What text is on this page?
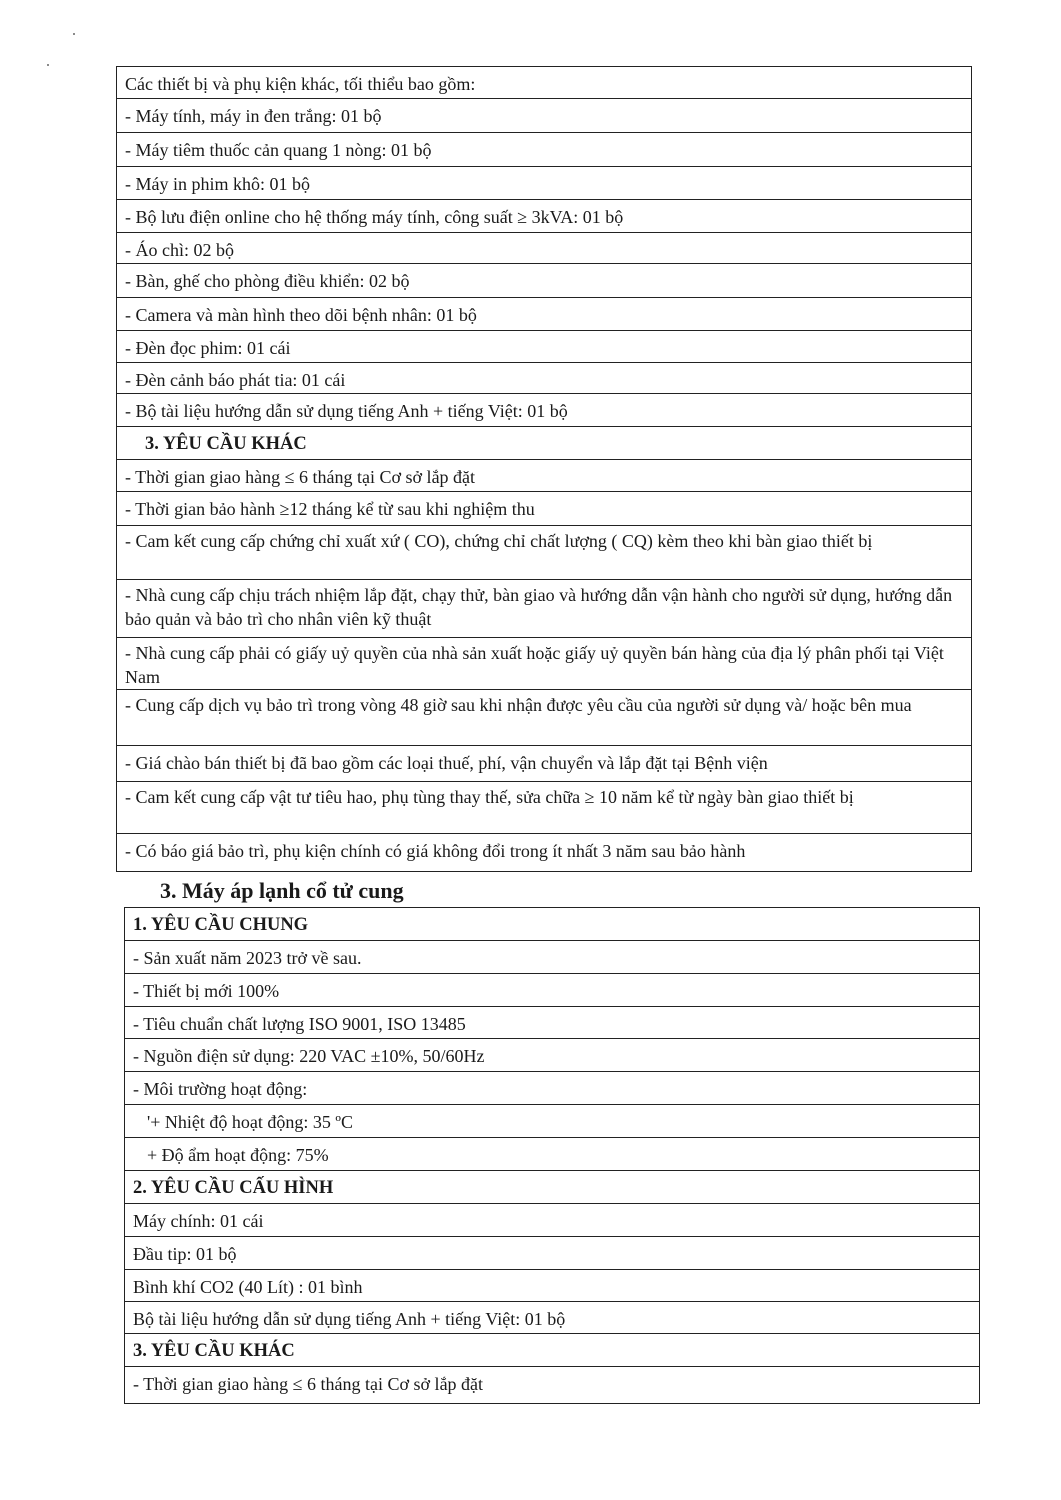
Các thiết bị và phụ kiện khác, tối thiểu bao gồm:
- Máy tính, máy in đen trắng: 01 bộ
- Máy tiêm thuốc cản quang 1 nòng: 01 bộ
- Máy in phim khô: 01 bộ
- Bộ lưu điện online cho hệ thống máy tính, công suất ≥ 3kVA: 01 bộ
- Áo chì: 02 bộ
- Bàn, ghế cho phòng điều khiển: 02 bộ
- Camera và màn hình theo dõi bệnh nhân: 01 bộ
- Đèn đọc phim: 01 cái
- Đèn cảnh báo phát tia: 01 cái
- Bộ tài liệu hướng dẫn sử dụng tiếng Anh + tiếng Việt: 01 bộ
3. YÊU CẦU KHÁC
- Thời gian giao hàng ≤ 6 tháng tại Cơ sở lắp đặt
- Thời gian bảo hành ≥12 tháng kể từ sau khi nghiệm thu
- Cam kết cung cấp chứng chỉ xuất xứ ( CO), chứng chỉ chất lượng ( CQ) kèm theo khi bàn giao thiết bị
- Nhà cung cấp chịu trách nhiệm lắp đặt, chạy thử, bàn giao và hướng dẫn vận hành cho người sử dụng, hướng dẫn bảo quản và bảo trì cho nhân viên kỹ thuật
- Nhà cung cấp phải có giấy uỷ quyền của nhà sản xuất hoặc giấy uỷ quyền bán hàng của địa lý phân phối tại Việt Nam
- Cung cấp dịch vụ bảo trì trong vòng 48 giờ sau khi nhận được yêu cầu của người sử dụng và/ hoặc bên mua
- Giá chào bán thiết bị đã bao gồm các loại thuế, phí, vận chuyển và lắp đặt tại Bệnh viện
- Cam kết cung cấp vật tư tiêu hao, phụ tùng thay thế, sửa chữa ≥ 10 năm kể từ ngày bàn giao thiết bị
- Có báo giá bảo trì, phụ kiện chính có giá không đổi trong ít nhất 3 năm sau bảo hành
3. Máy áp lạnh cổ tử cung
1. YÊU CẦU CHUNG
- Sản xuất năm 2023 trở về sau.
- Thiết bị mới 100%
- Tiêu chuẩn chất lượng ISO 9001, ISO 13485
- Nguồn điện sử dụng: 220 VAC ±10%, 50/60Hz
- Môi trường hoạt động:
'+ Nhiệt độ hoạt động: 35 ºC
+ Độ ẩm hoạt động: 75%
2. YÊU CẦU CẤU HÌNH
Máy chính: 01 cái
Đầu tip: 01 bộ
Bình khí CO2 (40 Lít) : 01 bình
Bộ tài liệu hướng dẫn sử dụng tiếng Anh + tiếng Việt: 01 bộ
3. YÊU CẦU KHÁC
- Thời gian giao hàng ≤ 6 tháng tại Cơ sở lắp đặt
